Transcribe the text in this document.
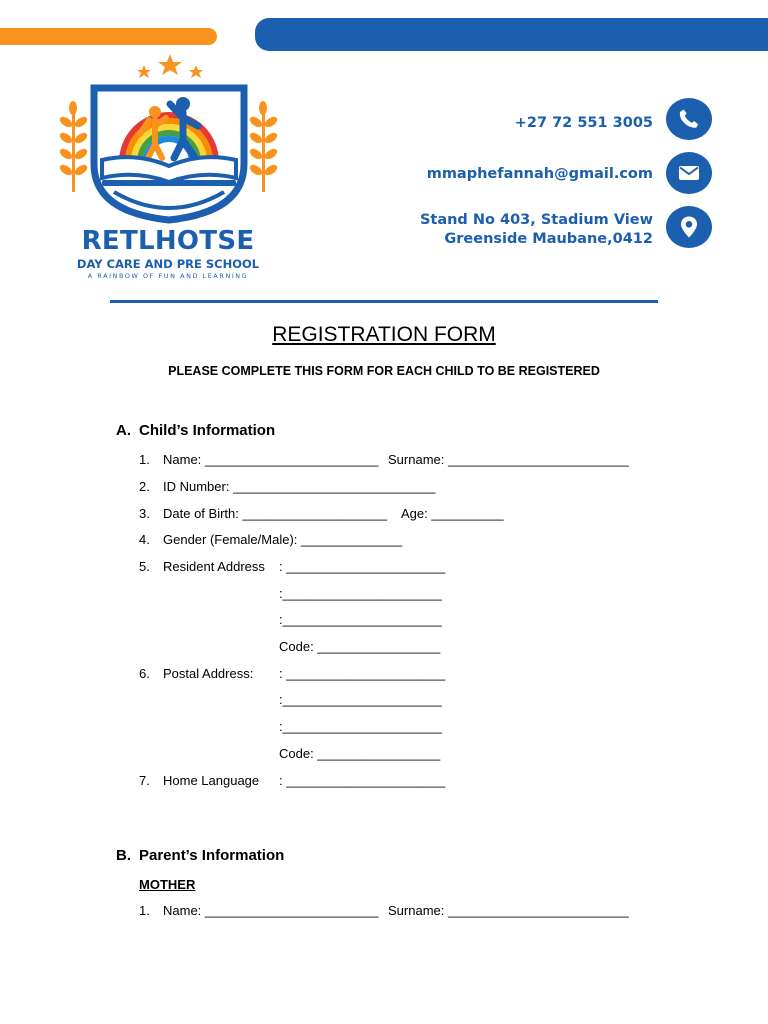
RETLHOTSE
DAY CARE AND PRE SCHOOL
A RAINBOW OF FUN AND LEARNING
+27 72 551 3005
mmaphefannah@gmail.com
Stand No 403, Stadium View
Greenside Maubane,0412
REGISTRATION FORM
PLEASE COMPLETE THIS FORM FOR EACH CHILD TO BE REGISTERED
A. Child’s Information
1. Name: ________________________ Surname: _________________________
2. ID Number: ____________________________
3. Date of Birth: ____________________ Age: __________
4. Gender (Female/Male): ______________
5. Resident Address : ______________________
:______________________
:______________________
Code: _________________
6. Postal Address: : ______________________
:______________________
:______________________
Code: _________________
7. Home Language : ______________________
B. Parent’s Information
MOTHER
1. Name: ________________________ Surname: _________________________
